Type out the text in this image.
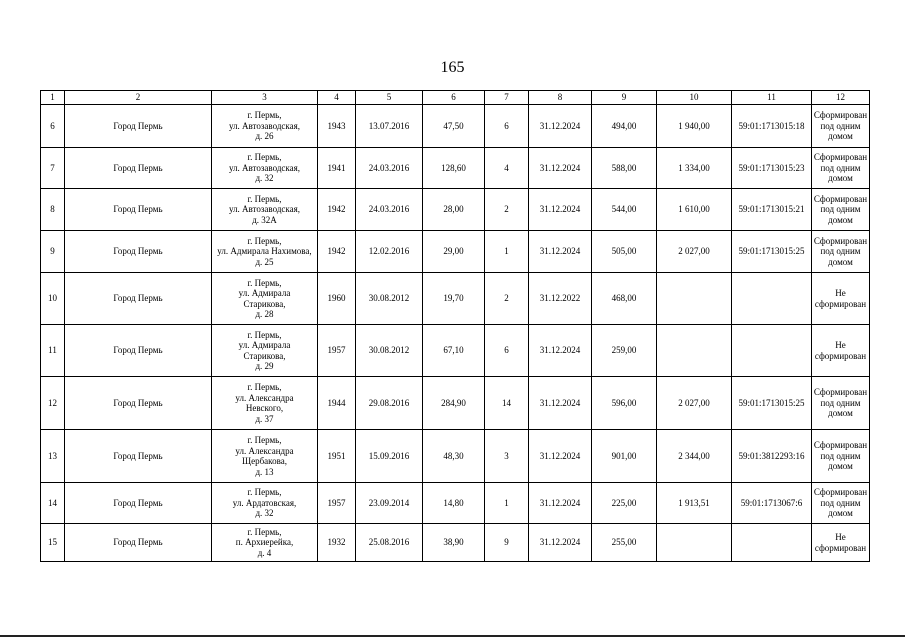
165
1	2	3	4	5	6	7	8	9	10	11	12
6	Город Пермь	г. Пермь,
ул. Автозаводская,
д. 26	1943	13.07.2016	47,50	6	31.12.2024	494,00	1 940,00	59:01:1713015:18	Сформирован
под одним домом
7	Город Пермь	г. Пермь,
ул. Автозаводская,
д. 32	1941	24.03.2016	128,60	4	31.12.2024	588,00	1 334,00	59:01:1713015:23	Сформирован
под одним домом
8	Город Пермь	г. Пермь,
ул. Автозаводская,
д. 32А	1942	24.03.2016	28,00	2	31.12.2024	544,00	1 610,00	59:01:1713015:21	Сформирован
под одним домом
9	Город Пермь	г. Пермь,
ул. Адмирала Нахимова,
д. 25	1942	12.02.2016	29,00	1	31.12.2024	505,00	2 027,00	59:01:1713015:25	Сформирован
под одним домом
10	Город Пермь	г. Пермь,
ул. Адмирала
Старикова,
д. 28	1960	30.08.2012	19,70	2	31.12.2022	468,00			Не сформирован
11	Город Пермь	г. Пермь,
ул. Адмирала
Старикова,
д. 29	1957	30.08.2012	67,10	6	31.12.2024	259,00			Не сформирован
12	Город Пермь	г. Пермь,
ул. Александра
Невского,
д. 37	1944	29.08.2016	284,90	14	31.12.2024	596,00	2 027,00	59:01:1713015:25	Сформирован
под одним домом
13	Город Пермь	г. Пермь,
ул. Александра
Щербакова,
д. 13	1951	15.09.2016	48,30	3	31.12.2024	901,00	2 344,00	59:01:3812293:16	Сформирован
под одним домом
14	Город Пермь	г. Пермь,
ул. Ардатовская,
д. 32	1957	23.09.2014	14,80	1	31.12.2024	225,00	1 913,51	59:01:1713067:6	Сформирован
под одним домом
15	Город Пермь	г. Пермь,
п. Архиерейка,
д. 4	1932	25.08.2016	38,90	9	31.12.2024	255,00			Не сформирован
